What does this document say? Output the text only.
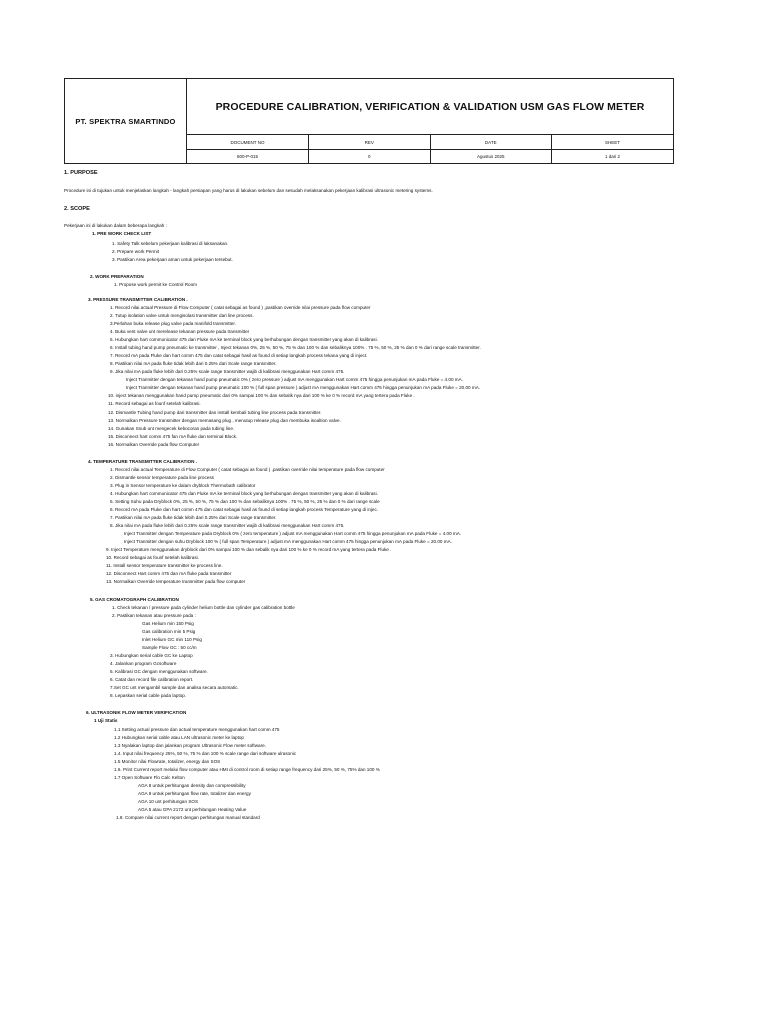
PT. SPEKTRA SMARTINDO
PROCEDURE CALIBRATION, VERIFICATION & VALIDATION USM GAS FLOW METER
DOCUMENT NO	REV	DATE	SHEET
600-P-015	0	Agustus 2025	1 dari 2
1. PURPOSE
Procedure ini di tujukan untuk menjelaskan langkah - langkah persiapan yang harus di lakukan sebelum dan sesudah melaksanakan pekerjaan kalibrasi ultrasonic metering systems.
2. SCOPE
Pekerjaan ini di lakukan dalam beberapa langkah :
1. PRE WORK CHECK LIST
1. Safety Talk sebelum pekerjaan kalibrasi di laksanakan.
2. Prepare work Permit
3. Pastikan Area pekerjaan aman untuk pekerjaan tersebut.
2. WORK PREPARATION
1. Propose work permit ke Control Room
3. PRESSURE TRANSMITTER CALIBRATION .
1. Record nilai actual Pressure di Flow Computer ( catat sebagai as found ) ,pastikan override nilai pressure pada flow computer
2. Tutup isolation valve untuk mengisolasi transmitter dari line process.
3.Perlahan buka release plug valve pada manifold transmitter.
4. Buka vent valve unt merelease tekanan pressure pada transmitter
5. Hubungkan hart communicator 475 dan Fluke mA ke terminal block yang berhubungan dengan transmitter yang akan di kalibrasi.
6. Install tubing hand pump pneumatic ke transmitter , Inject tekanan 0%, 25 %, 50 %, 75 % dan 100 % dan sebaliknya 100% . 75 %, 50 %, 25 % dan 0 % dari range scale transmitter.
7. Record mA pada Fluke dan hart comm 475 dan catat sebagai hasil as found di setiap langkah process tekana yang di inject.
8. Pastikan nilai mA pada fluke tidak lebih dari 0.25% dari Scale range transmitter.
9. Jika nilai mA pada fluke lebih dari 0.25% scale range transmitter wajib di kalibrasi menggunakan Hart comm 475.
Inject Tranmitter dengan tekanan hand pump pneumatic 0% ( zero pressure ) adjust mA menggunakan Hart comm 475 hingga penunjukan mA pada Fluke = 4.00 mA.
Inject Tranmitter dengan tekanan hand pump pneumatic 100 % ( full span pressure ) adjust mA menggunakan Hart comm 475 hingga penunjukan mA pada Fluke = 20.00 mA.
10. inject tekanan menggunakan hand pump pneumatic dari 0% sampai 100 % dan sebalik nya dari 100 % ke 0 % record mA yang tertera pada Fluke .
11. Record sebagai as founf setelah kalibrasi.
12. Dismantle Tubing hand pump dari transmitter dan install kembali tubing line process pada transmitter.
13. Normalkan Pressure transmitter dengan memasang plug , menutup release plug dan membuka isoaltion valve.
14. Gunakan Snub unt mengecek kebocoran pada tubing line.
15. Disconnect hart comm 475 fan mA fluke dan terminal Block.
16. Normalkan Override pada flow Computer
4. TEMPERATURE TRANSMITTER CALIBRATION .
1. Record nilai actual Temperature di Flow Computer ( catat sebagai as found ) ,pastikan override nilai temperature pada flow computer
2. Dismantle sensor temperature pada line process
3. Plug in Sensor temperature ke dalam dryblock Thermobath calibrator
4. Hubungkan hart communicator 475 dan Fluke mA ke terminal block yang berhubungan dengan transmitter yang akan di kalibrasi.
5. Setting Suhu pada Dryblock 0%, 25 %, 50 %, 75 % dan 100 % dan sebaliknya 100% . 75 %, 50 %, 25 % dan 0 % dari range scale
6. Record mA pada Fluke dan hart comm 475 dan catat sebagai hasil as found di setiap langkah process Temperature yang di injec.
7. Pastikan nilai mA pada fluke tidak lebih dari 0.25% dari Scale range transmitter.
8. Jika nilai mA pada fluke lebih dari 0.25% scale range transmitter wajib di kalibrasi menggunakan Hart comm 475.
Inject Tranmitter dengan Temperature pada Dryblock 0% ( zero temperature ) adjust mA menggunakan Hart comm 475 hingga penunjukan mA pada Fluke = 4.00 mA.
Inject Tranmitter dengan suhu Dryblock 100 % ( full span Temperature ) adjust mA menggunakan Hart comm 475 hingga penunjukan mA pada Fluke = 20.00 mA.
9. Inject Temperature menggunakan dryblock dari 0% sampai 100 % dan sebalik nya dari 100 % ke 0 % record mA yang tertera pada Fluke .
10. Record sebagai as founf setelah kalibrasi.
11. Install sensor temperature transmitter ke process line.
12. Disconnect Hart comm 475 dan mA fluke pada transmitter
13. Normalkan Override temperature transmitter pada flow computer
5. GAS CROMATOGRAPH CALIBRATION
1. Check tekanan / pressure pada cylinder helium bottle dan cylinder gas calibration bottle
2. Pastikan tekanan atau pressure pada :
Gas Helium min 150 Psig
Gas calibration min 5 Psig
Inlet Helium GC min 110 Psig
Sample Flow GC : 50 cc/m
3. Hubungkan serial cable GC ke Laptop
4. Jalankan program Gcsoftware
5. Kalibrasi GC dengan menggunakan software.
6. Catat dan record file calibration report.
7.Set GC unt mengambil sample dan analisa secara automatic.
8. Lepaskan serial cable pada laptop.
6. ULTRASONIK FLOW METER VERIFICATION
1 Uji Statis
1.1 Setting actual pressure dan actual temperature menggunakan hart comm 475
1.2 Hubungkan serial cable atau LAN ultrasonic meter ke laptop
1.3 Nyalakan laptop dan jalankan program Ultrasonic Flow meter software.
1.4. Input nilai frequency 25%, 50 %, 75 % dan 100 % scale range dari software ulrasonic
1.5 Monitor nilai Flowrate, totalizer, energy dan SOS
1.6. Print Current report melalui flow computer atau HMI di control room di setiap range frequency dari 25%, 50 %, 75% dan 100 %
1.7 Open Software Flo Calc Kelton
AGA 8 untuk perhitungan density dan compressibility
AGA 9 untuk perhitungan flow rate, totalizer dan energy
AGA 10 unt perhitungan SOS
AGA 5 atau GPA 2172 unt perhitungan Heating Value
1.8. Compare nilai current report dengan perhitungan manual standard
